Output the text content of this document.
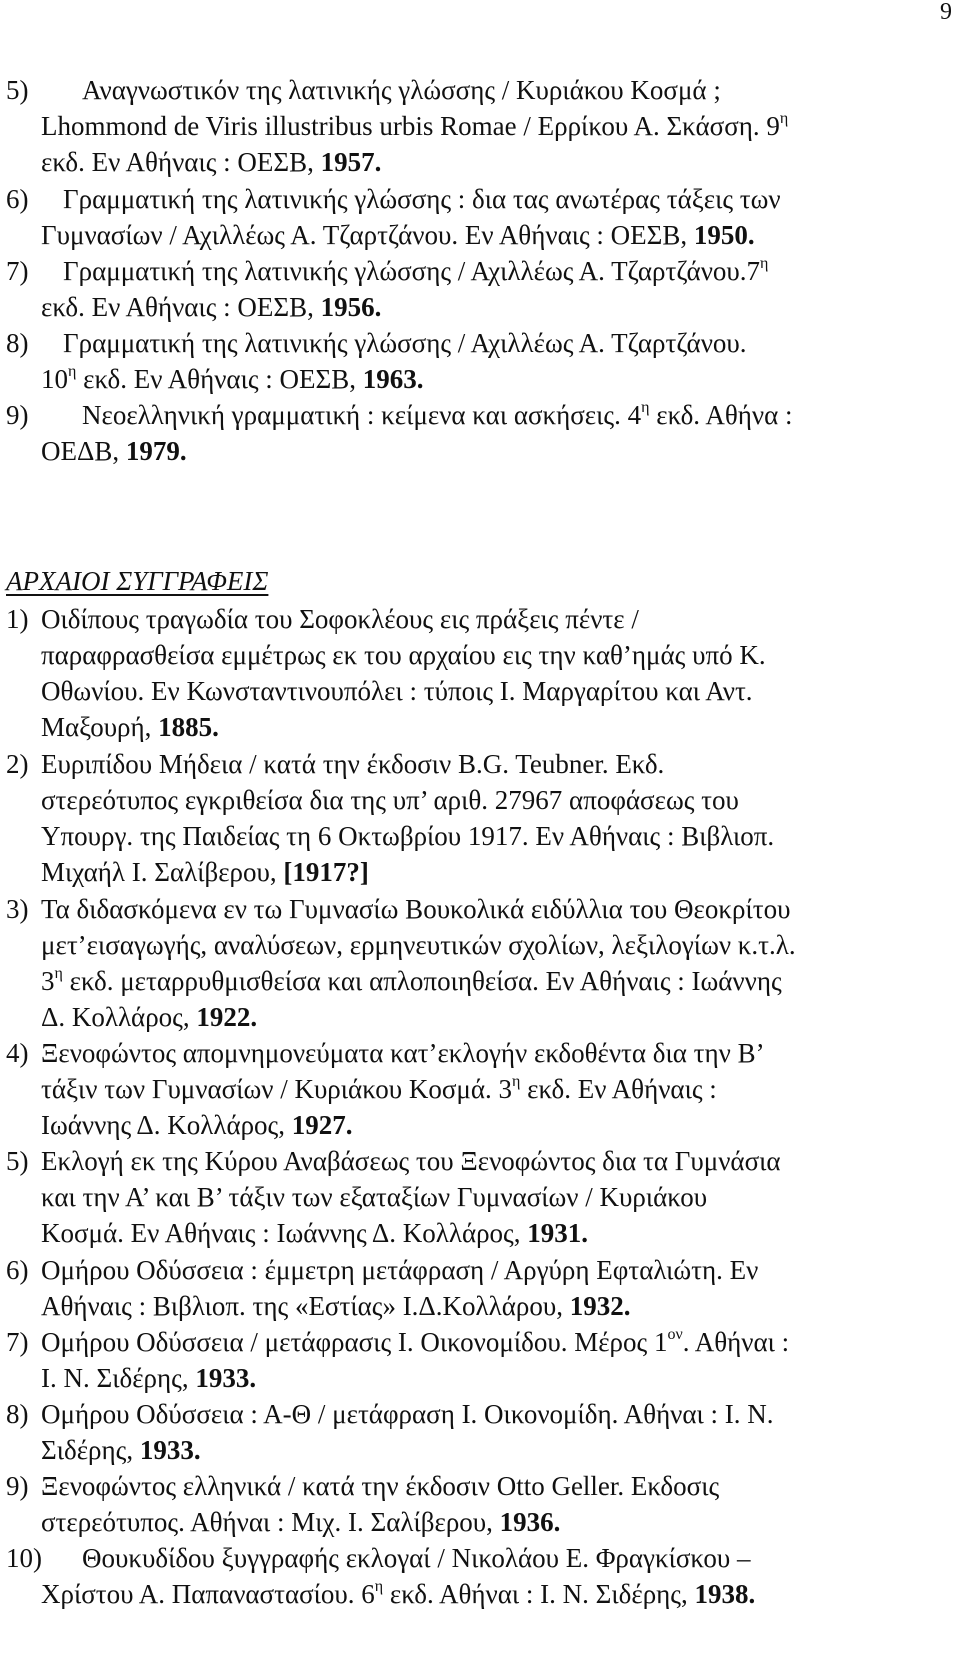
9
ΑΡΧΑΙΟΙ ΣΥΓΓΡΑΦΕΙΣ
5) Αναγνωστικόν της λατινικής γλώσσης / Κυριάκου Κοσμά ;
Lhommond de Viris illustribus urbis Romae / Ερρίκου Α. Σκάσση. $9^\eta$
εκδ. Εν Αθήναις : ΟΕΣΒ, 1957.
6) Γραμματική της λατινικής γλώσσης : δια τας ανωτέρας τάξεις των
Γυμνασίων / Αχιλλέως Α. Τζαρτζάνου. Εν Αθήναις : ΟΕΣΒ, 1950.
7) Γραμματική της λατινικής γλώσσης / Αχιλλέως Α. $T\zeta\alpha\rho\tau\zeta ά\nu o\upsilon.7^\eta$
εκδ. Εν Αθήναις : ΟΕΣΒ, 1956.
8) Γραμματική της λατινικής γλώσσης / Αχιλλέως Α. Τζαρτζάνου.
$10^\eta$ εκδ. Εν Αθήναις : ΟΕΣΒ, 1963.
9) Νεοελληνική γραμματική : κείμενα και ασκήσεις. $4^\eta$ εκδ. Αθήνα :
ΟΕΔΒ, 1979.
1) Οιδίπους τραγωδία του Σοφοκλέους εις πράξεις πέντε /
παραφρασθείσα εμμέτρως εκ του αρχαίου εις την καθ’ημάς υπό Κ.
Οθωνίου. Εν Κωνσταντινουπόλει : τύποις Ι. Μαργαρίτου και Αντ.
Μαξουρή, 1885.
2) Ευριπίδου Μήδεια / κατά την έκδοσιν B.G. Teubner. Εκδ.
στερεότυπος εγκριθείσα δια της υπ’ αριθ. 27967 αποφάσεως του
Υπουργ. της Παιδείας τη 6 Οκτωβρίου 1917. Εν Αθήναις : Βιβλιοπ.
Μιχαήλ Ι. Σαλίβερου, [1917?]
3) Τα διδασκόμενα εν τω Γυμνασίω Βουκολικά ειδύλλια του Θεοκρίτου
μετ’εισαγωγής, αναλύσεων, ερμηνευτικών σχολίων, λεξιλογίων κ.τ.λ.
$3^\eta$ εκδ. μεταρρυθμισθείσα και απλοποιηθείσα. Εν Αθήναις : Ιωάννης
Δ. Κολλάρος, 1922.
4) Ξενοφώντος απομνημονεύματα κατ’εκλογήν εκδοθέντα δια την Β’
τάξιν των Γυμνασίων / Κυριάκου Κοσμά. $3^\eta$ εκδ. Εν Αθήναις :
Ιωάννης Δ. Κολλάρος, 1927.
5) Εκλογή εκ της Κύρου Αναβάσεως του Ξενοφώντος δια τα Γυμνάσια
και την Α’ και Β’ τάξιν των εξαταξίων Γυμνασίων / Κυριάκου
Κοσμά. Εν Αθήναις : Ιωάννης Δ. Κολλάρος, 1931.
6) Ομήρου Οδύσσεια : έμμετρη μετάφραση / Αργύρη Εφταλιώτη. Εν
Αθήναις : Βιβλιοπ. της «Εστίας» Ι.Δ.Κολλάρου, 1932.
7) Ομήρου Οδύσσεια / μετάφρασις Ι. Οικονομίδου. Μέρος $1^{o\nu}$. Αθήναι :
Ι. Ν. Σιδέρης, 1933.
8) Ομήρου Οδύσσεια : Α-Θ / μετάφραση Ι. Οικονομίδη. Αθήναι : Ι. Ν.
Σιδέρης, 1933.
9) Ξενοφώντος ελληνικά / κατά την έκδοσιν Otto Geller. Εκδοσις
στερεότυπος. Αθήναι : Μιχ. Ι. Σαλίβερου, 1936.
10) Θουκυδίδου ξυγγραφής εκλογαί / Νικολάου Ε. Φραγκίσκου –
Χρίστου Α. Παπαναστασίου. $6^\eta$ εκδ. Αθήναι : Ι. Ν. Σιδέρης, 1938.
